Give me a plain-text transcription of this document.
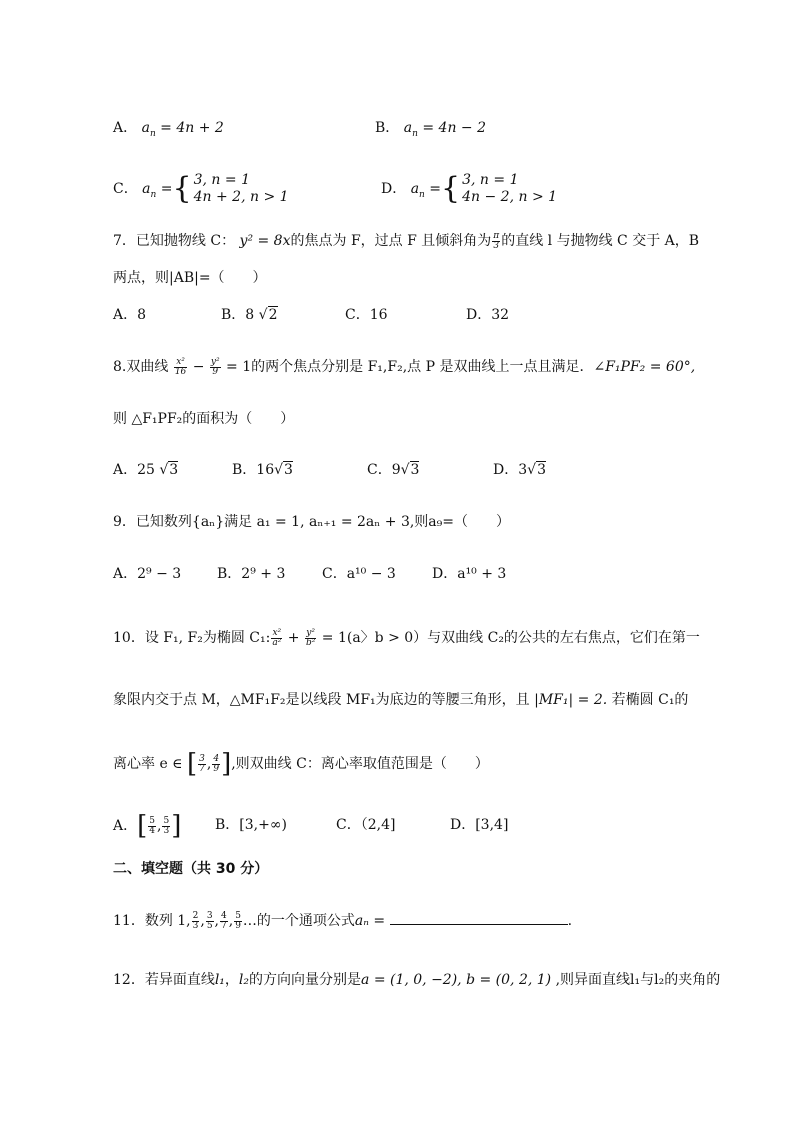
A． $a_n = 4n + 2$	B． $a_n = 4n - 2$
C． $a_n$ ={ 3, n = 1
4n + 2, n > 1	D． $a_n$ ={ 3, n = 1
4n − 2, n > 1
7．已知抛物线 C： y² = 8x的焦点为 F，过点 F 且倾斜角为 $\frac{\pi}{3}$ 的直线 l 与抛物线 C 交于 A，B
两点，则|AB|=（　　）
A．8	B．8 √2	C．16	D．32
8.双曲线 $\frac{\text{x²}}{16} - \frac{\text{y²}}{9} = 1$的两个焦点分别是 F₁,F₂,点 P 是双曲线上一点且满足．∠F₁PF₂ = 60°,
则 △F₁PF₂的面积为（　　）
A．25 √3	B．16√3	C．9√3	D．3√3
9．已知数列{aₙ}满足 a₁ = 1, aₙ₊₁ = 2aₙ + 3,则a₉=（　　）
A．2⁹ − 3	B．2⁹ + 3	C．a¹⁰ − 3	D．a¹⁰ + 3
10．设 F₁, F₂为椭圆 C₁: $\frac{\text{x²}}{\text{a²}} + \frac{\text{y²}}{\text{b²}} = 1(a$〉b > 0）与双曲线 C₂的公共的左右焦点，它们在第一
象限内交于点 M，△MF₁F₂是以线段 MF₁为底边的等腰三角形，且 |MF₁| = 2. 若椭圆 C₁的
离心率 e ∈ [ $\frac{3}{7}$ , $\frac{4}{9}$ ],则双曲线 C：离心率取值范围是（　　）
A．[ $\frac{5}{4}$ , $\frac{5}{3}$ ] B．[3,+∞)	C．（2,4]	D．[3,4]
二、填空题（共 30 分）
11．数列 1, $\frac{2}{3}$ , $\frac{3}{5}$ , $\frac{4}{7}$ , $\frac{5}{9}$ …的一个通项公式aₙ =	.
12．若异面直线l₁，l₂的方向向量分别是a = (1, 0, −2), b = (0, 2, 1) ,则异面直线l₁与l₂的夹角的
